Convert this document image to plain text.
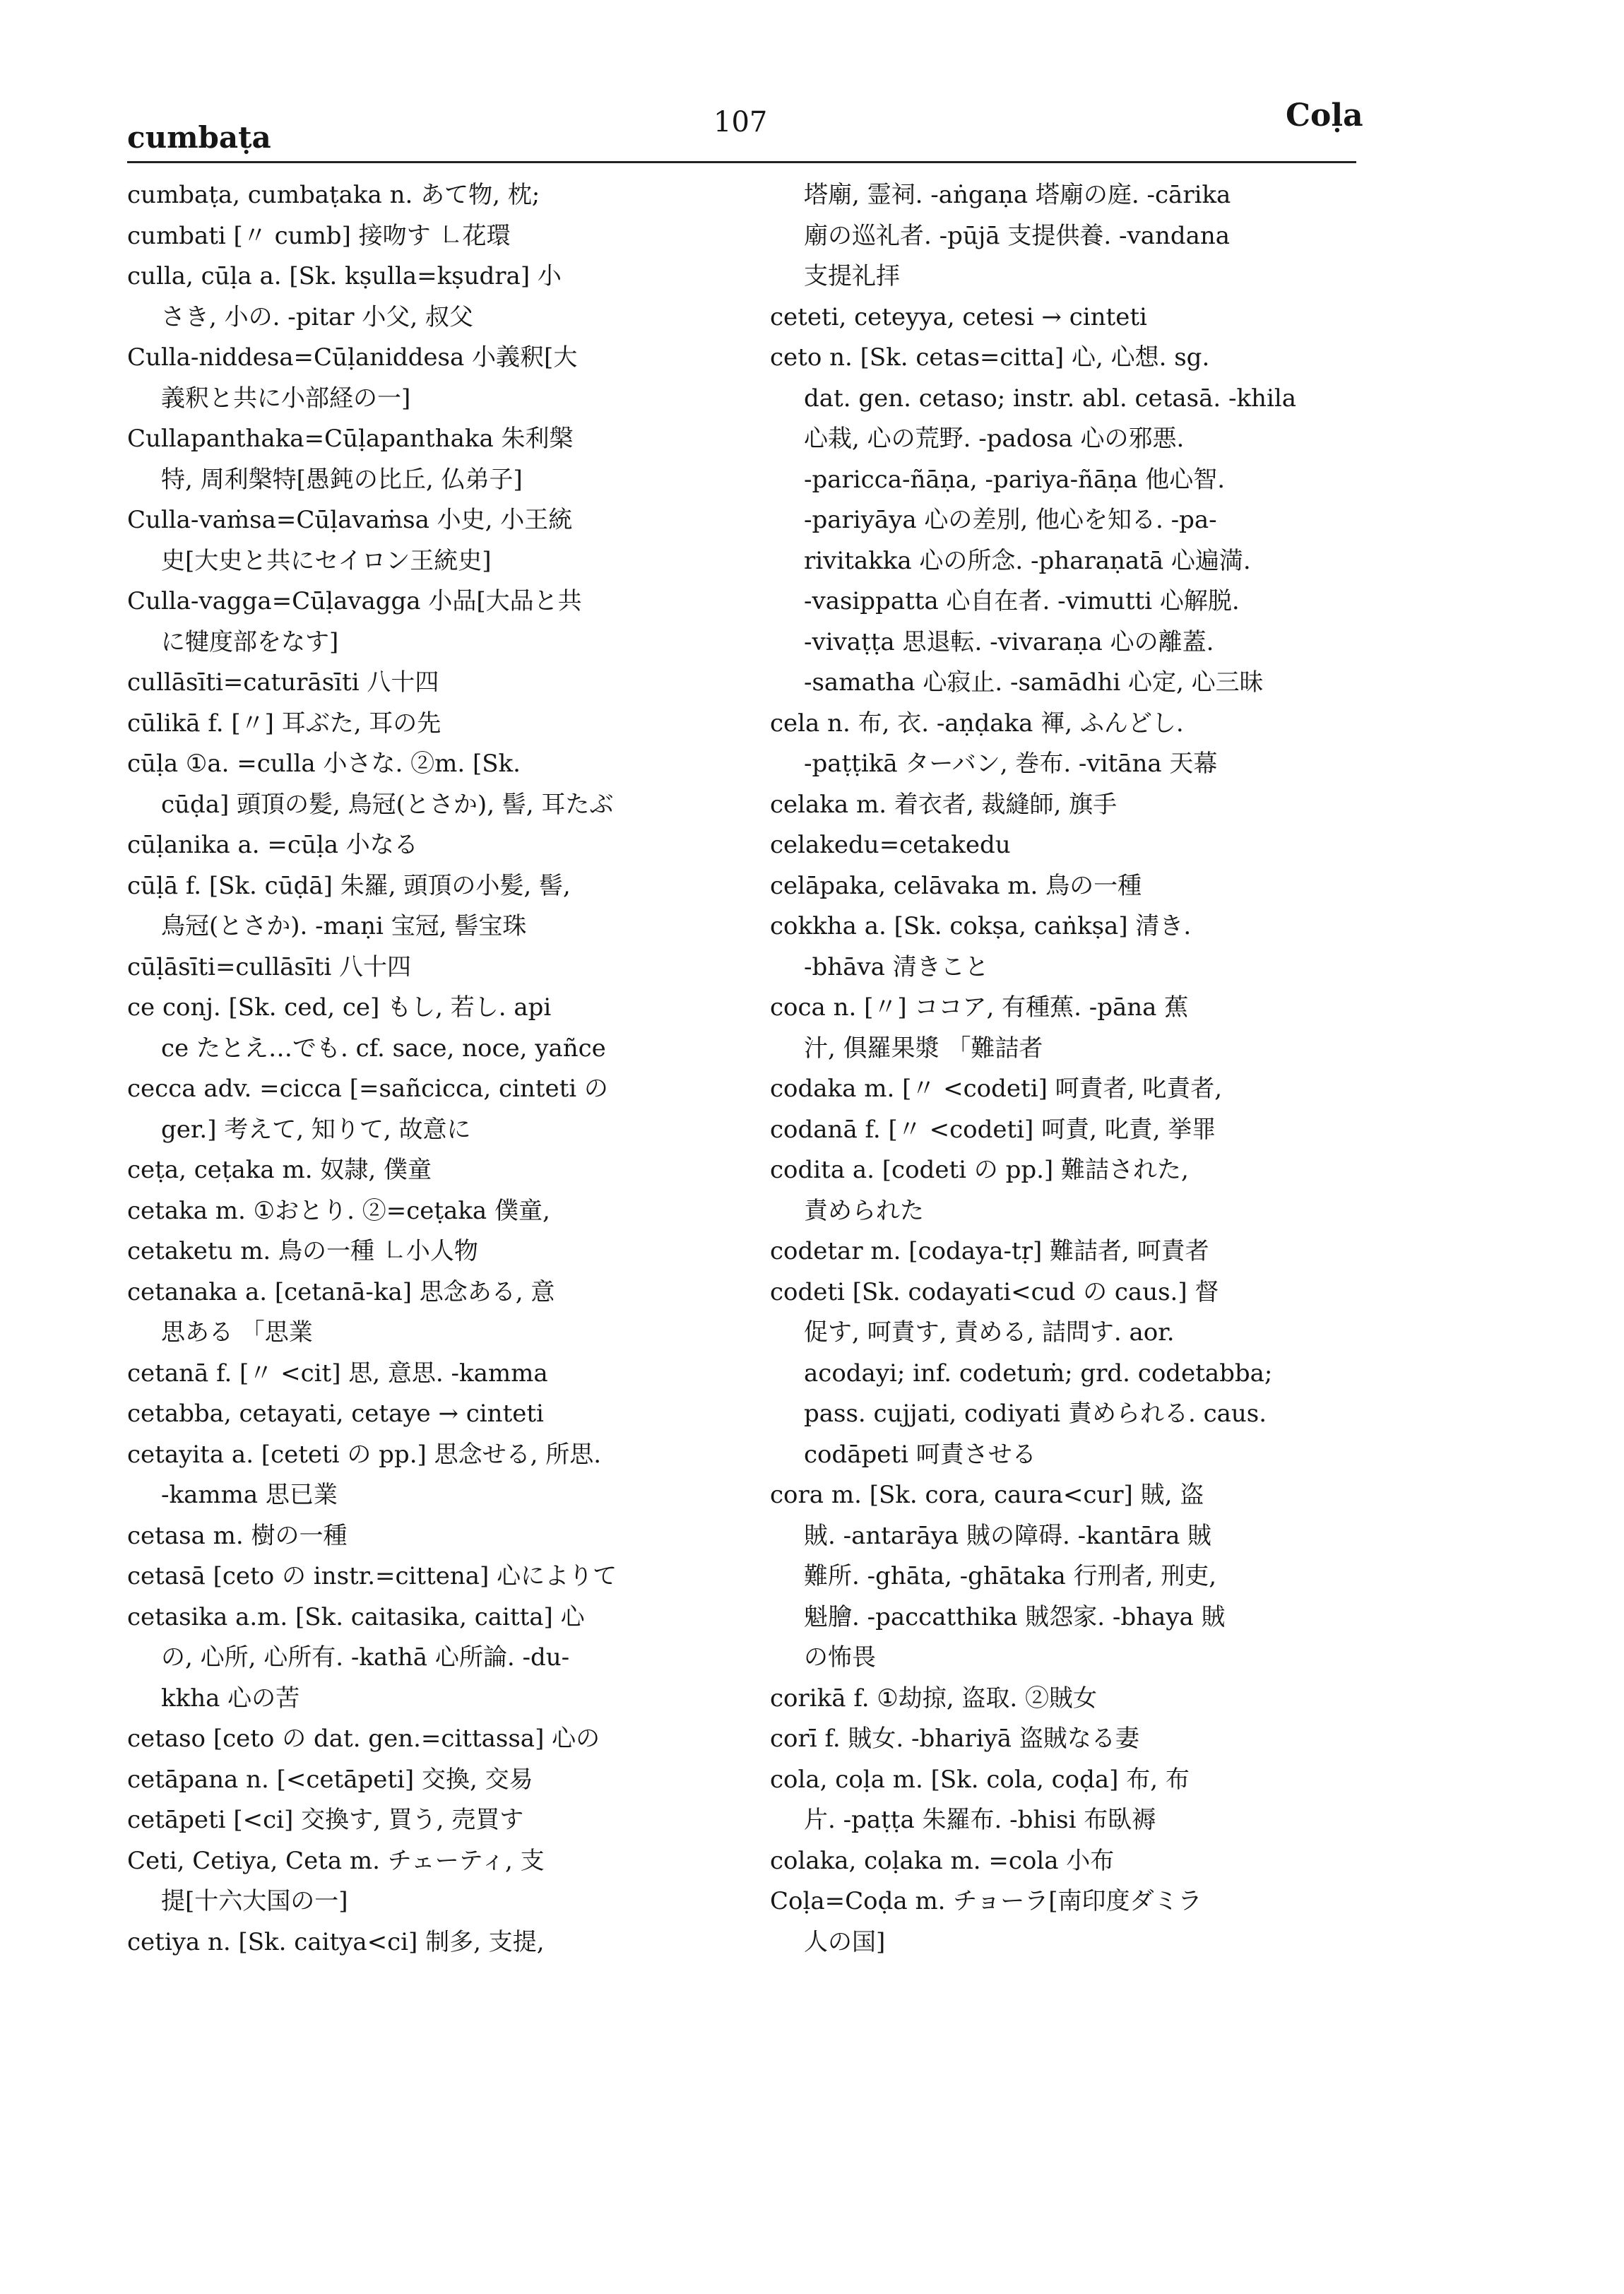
cumbaṭa	107	Coḷa
cumbaṭa, cumbaṭaka n. あて物, 枕;
cumbati [〃 cumb] 接吻す ㇗花環
culla, cūḷa a. [Sk. kṣulla=kṣudra] 小
さき, 小の. -pitar 小父, 叔父
Culla-niddesa=Cūḷaniddesa 小義釈[大
義釈と共に小部経の一]
Cullapanthaka=Cūḷapanthaka 朱利槃
特, 周利槃特[愚鈍の比丘, 仏弟子]
Culla-vaṁsa=Cūḷavaṁsa 小史, 小王統
史[大史と共にセイロン王統史]
Culla-vagga=Cūḷavagga 小品[大品と共
に犍度部をなす]
cullāsīti=caturāsīti 八十四
cūlikā f. [〃] 耳ぶた, 耳の先
cūḷa ①a. =culla 小さな. ②m. [Sk.
cūḍa] 頭頂の髪, 鳥冠(とさか), 髻, 耳たぶ
cūḷanika a. =cūḷa 小なる
cūḷā f. [Sk. cūḍā] 朱羅, 頭頂の小髪, 髻,
鳥冠(とさか). -maṇi 宝冠, 髻宝珠
cūḷāsīti=cullāsīti 八十四
ce conj. [Sk. ced, ce] もし, 若し. api
ce たとえ…でも. cf. sace, noce, yañce
cecca adv. =cicca [=sañcicca, cinteti の
ger.] 考えて, 知りて, 故意に
ceṭa, ceṭaka m. 奴隷, 僕童
cetaka m. ①おとり. ②=ceṭaka 僕童,
cetaketu m. 鳥の一種 ㇗小人物
cetanaka a. [cetanā-ka] 思念ある, 意
思ある 「思業
cetanā f. [〃 <cit] 思, 意思. -kamma
cetabba, cetayati, cetaye → cinteti
cetayita a. [ceteti の pp.] 思念せる, 所思.
-kamma 思已業
cetasa m. 樹の一種
cetasā [ceto の instr.=cittena] 心によりて
cetasika a.m. [Sk. caitasika, caitta] 心
の, 心所, 心所有. -kathā 心所論. -du-
kkha 心の苦
cetaso [ceto の dat. gen.=cittassa] 心の
cetāpana n. [<cetāpeti] 交換, 交易
cetāpeti [<ci] 交換す, 買う, 売買す
Ceti, Cetiya, Ceta m. チェーティ, 支
提[十六大国の一]
cetiya n. [Sk. caitya<ci] 制多, 支提,
塔廟, 霊祠. -aṅgaṇa 塔廟の庭. -cārika
廟の巡礼者. -pūjā 支提供養. -vandana
支提礼拝
ceteti, ceteyya, cetesi → cinteti
ceto n. [Sk. cetas=citta] 心, 心想. sg.
dat. gen. cetaso; instr. abl. cetasā. -khila
心栽, 心の荒野. -padosa 心の邪悪.
-paricca-ñāṇa, -pariya-ñāṇa 他心智.
-pariyāya 心の差別, 他心を知る. -pa-
rivitakka 心の所念. -pharaṇatā 心遍満.
-vasippatta 心自在者. -vimutti 心解脱.
-vivaṭṭa 思退転. -vivaraṇa 心の離蓋.
-samatha 心寂止. -samādhi 心定, 心三昧
cela n. 布, 衣. -aṇḍaka 褌, ふんどし.
-paṭṭikā ターバン, 巻布. -vitāna 天幕
celaka m. 着衣者, 裁縫師, 旗手
celakedu=cetakedu
celāpaka, celāvaka m. 鳥の一種
cokkha a. [Sk. cokṣa, caṅkṣa] 清き.
-bhāva 清きこと
coca n. [〃] ココア, 有種蕉. -pāna 蕉
汁, 俱羅果漿 「難詰者
codaka m. [〃 <codeti] 呵責者, 叱責者,
codanā f. [〃 <codeti] 呵責, 叱責, 挙罪
codita a. [codeti の pp.] 難詰された,
責められた
codetar m. [codaya-tṛ] 難詰者, 呵責者
codeti [Sk. codayati<cud の caus.] 督
促す, 呵責す, 責める, 詰問す. aor.
acodayi; inf. codetuṁ; grd. codetabba;
pass. cujjati, codiyati 責められる. caus.
codāpeti 呵責させる
cora m. [Sk. cora, caura<cur] 賊, 盗
賊. -antarāya 賊の障碍. -kantāra 賊
難所. -ghāta, -ghātaka 行刑者, 刑吏,
魁膾. -paccatthika 賊怨家. -bhaya 賊
の怖畏
corikā f. ①劫掠, 盗取. ②賊女
corī f. 賊女. -bhariyā 盗賊なる妻
cola, coḷa m. [Sk. cola, coḍa] 布, 布
片. -paṭṭa 朱羅布. -bhisi 布臥褥
colaka, coḷaka m. =cola 小布
Coḷa=Coḍa m. チョーラ[南印度ダミラ
人の国]
